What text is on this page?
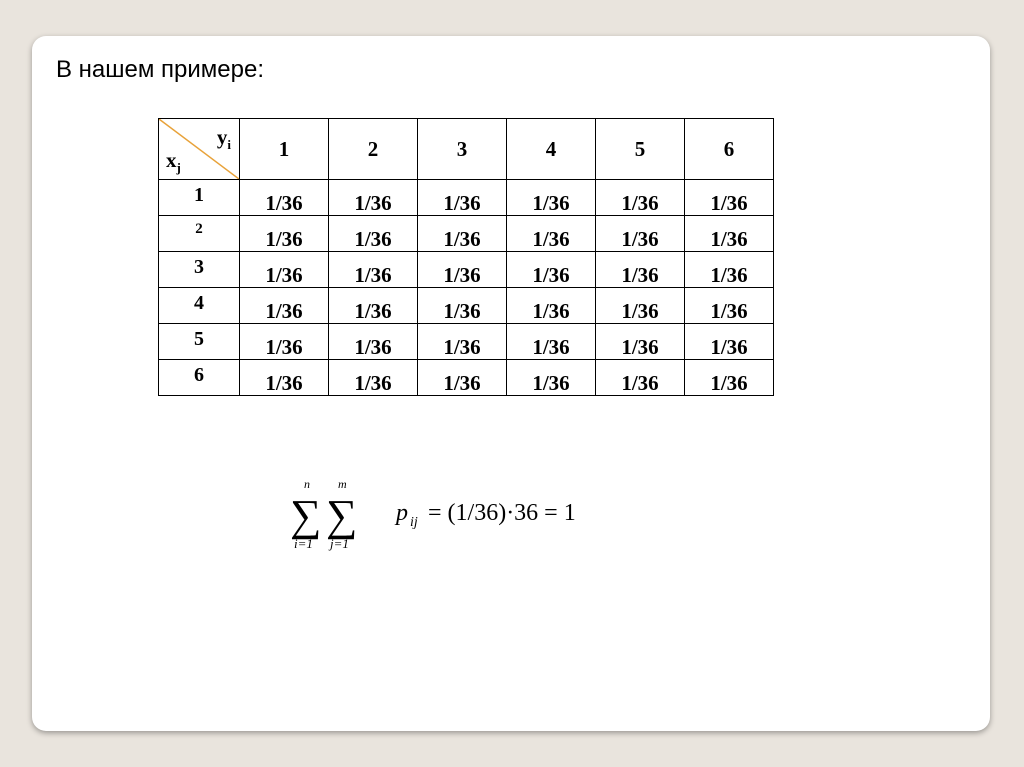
В нашем примере:
$y_i$
$x_j$	1	2	3	4	5	6
1	1/36	1/36	1/36	1/36	1/36	1/36
2	1/36	1/36	1/36	1/36	1/36	1/36
3	1/36	1/36	1/36	1/36	1/36	1/36
4	1/36	1/36	1/36	1/36	1/36	1/36
5	1/36	1/36	1/36	1/36	1/36	1/36
6	1/36	1/36	1/36	1/36	1/36	1/36
n
∑
i=1
m
∑
j=1
p ij = (1/36)·36 = 1
